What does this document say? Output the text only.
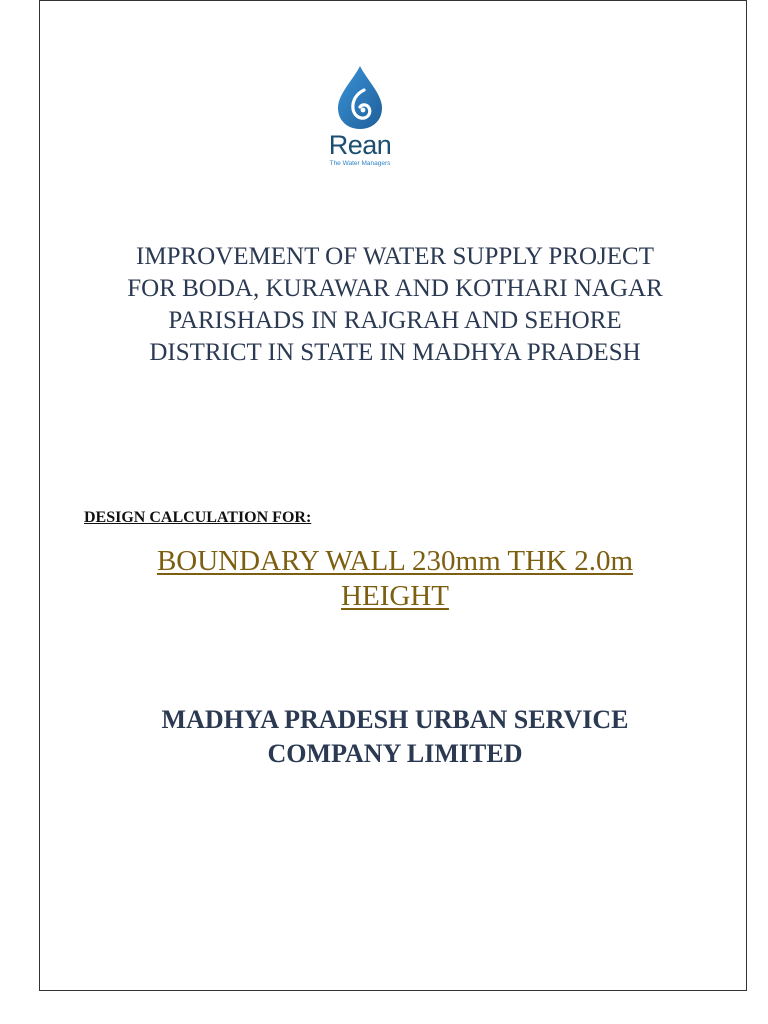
Rean
The Water Managers
IMPROVEMENT OF WATER SUPPLY PROJECT
FOR BODA, KURAWAR AND KOTHARI NAGAR
PARISHADS IN RAJGRAH AND SEHORE
DISTRICT IN STATE IN MADHYA PRADESH
DESIGN CALCULATION FOR:
BOUNDARY WALL 230mm THK 2.0m
HEIGHT
MADHYA PRADESH URBAN SERVICE
COMPANY LIMITED
